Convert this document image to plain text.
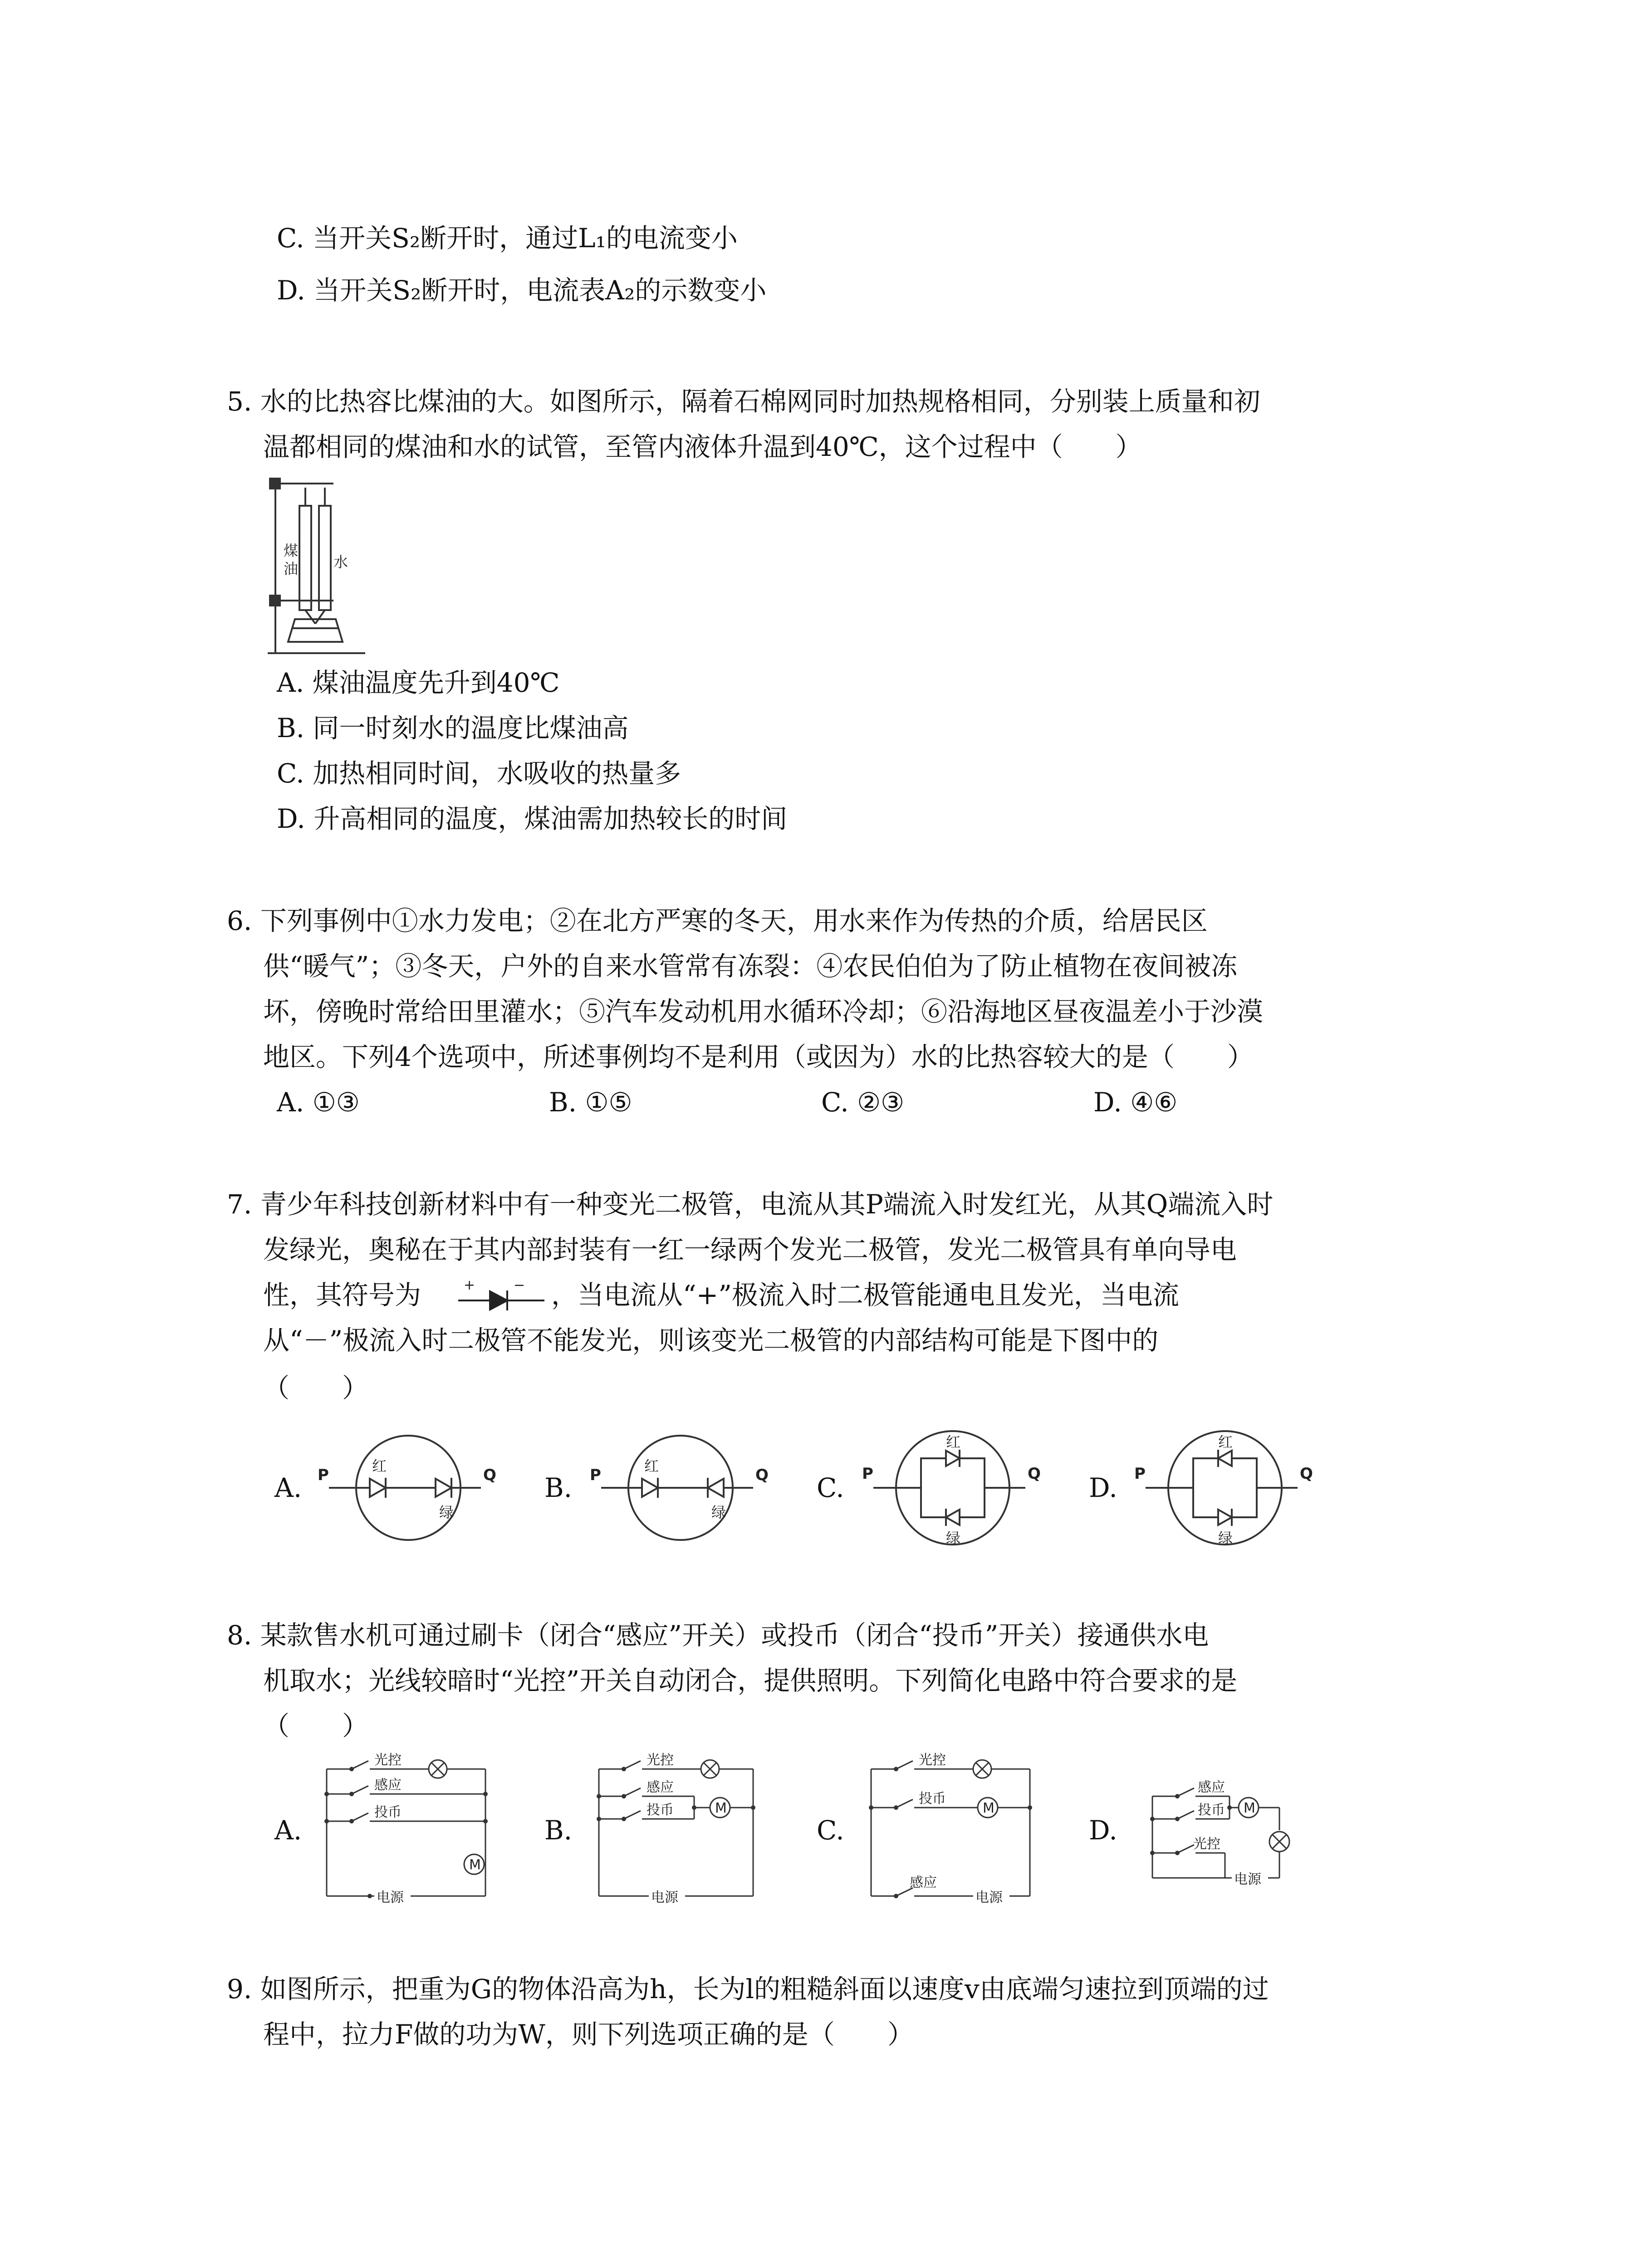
C. 当开关S₂断开时，通过L₁的电流变小
D. 当开关S₂断开时，电流表A₂的示数变小
5. 水的比热容比煤油的大。如图所示，隔着石棉网同时加热规格相同，分别装上质量和初
温都相同的煤油和水的试管，至管内液体升温到40℃，这个过程中（　　）
煤
油 水
A. 煤油温度先升到40℃
B. 同一时刻水的温度比煤油高
C. 加热相同时间，水吸收的热量多
D. 升高相同的温度，煤油需加热较长的时间
6. 下列事例中①水力发电；②在北方严寒的冬天，用水来作为传热的介质，给居民区
供“暖气”；③冬天，户外的自来水管常有冻裂：④农民伯伯为了防止植物在夜间被冻
坏，傍晚时常给田里灌水；⑤汽车发动机用水循环冷却；⑥沿海地区昼夜温差小于沙漠
地区。下列4个选项中，所述事例均不是利用（或因为）水的比热容较大的是（　　）
A. ①③	B. ①⑤	C. ②③	D. ④⑥
7. 青少年科技创新材料中有一种变光二极管，电流从其P端流入时发红光，从其Q端流入时
发绿光，奥秘在于其内部封装有一红一绿两个发光二极管，发光二极管具有单向导电
性，其符号为	+	− ，当电流从“+”极流入时二极管能通电且发光，当电流
从“－”极流入时二极管不能发光，则该变光二极管的内部结构可能是下图中的
（　　）
A. P	Q
红
绿
B. P	Q
红
绿
C. P	Q
红
绿
D. P	Q
红
绿
8. 某款售水机可通过刷卡（闭合“感应”开关）或投币（闭合“投币”开关）接通供水电
机取水；光线较暗时“光控”开关自动闭合，提供照明。下列简化电路中符合要求的是
（　　）
A.
光控
感应
投币
M
电源
B.
光控
感应
投币	M
电源
C.
光控
投币
M
感应
电源
D.
感应
投币 M
光控
电源
9. 如图所示，把重为G的物体沿高为h，长为l的粗糙斜面以速度v由底端匀速拉到顶端的过
程中，拉力F做的功为W，则下列选项正确的是（　　）
